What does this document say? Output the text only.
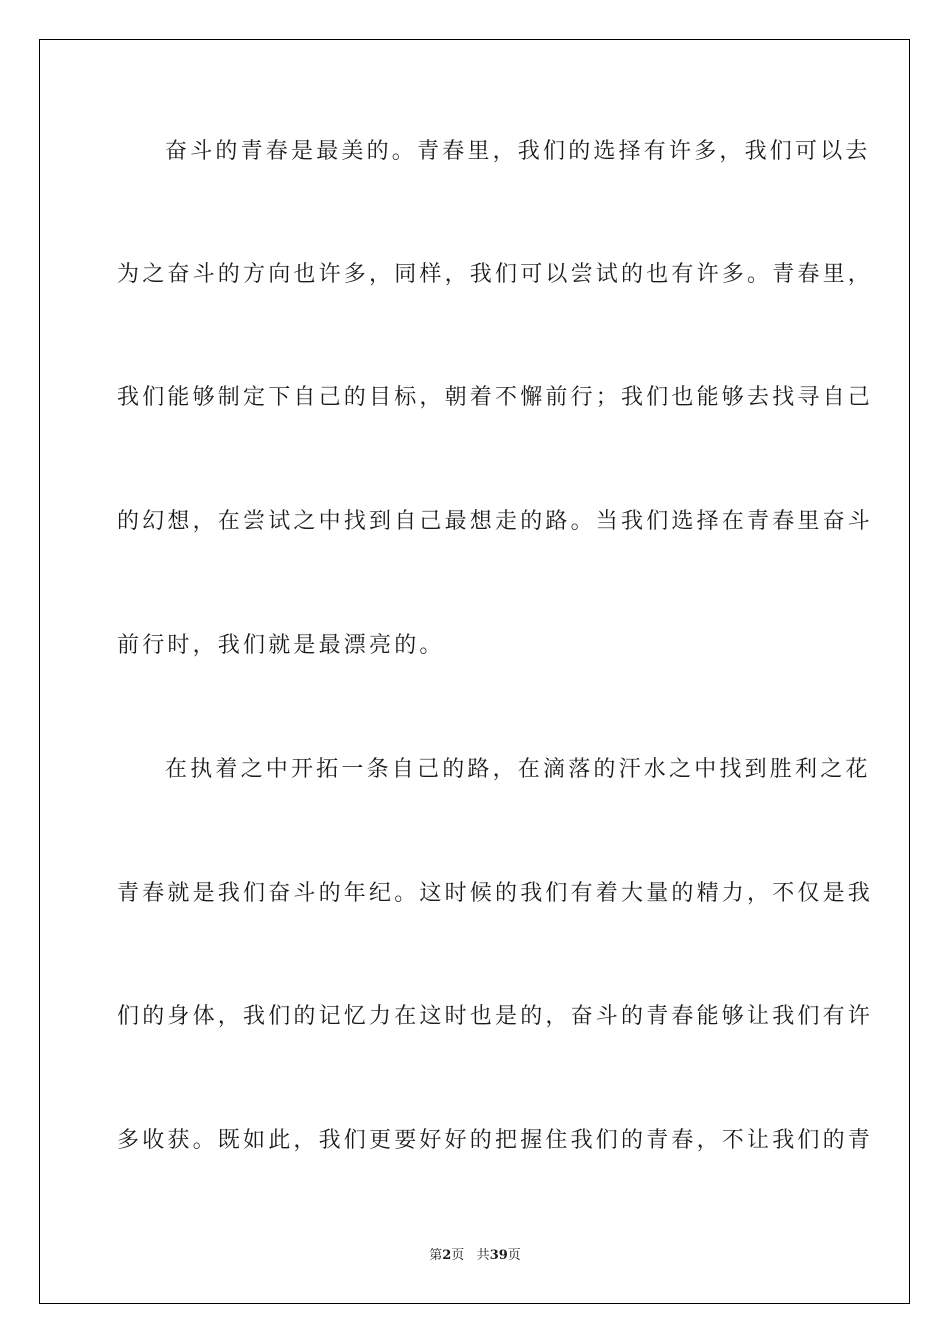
奋斗的青春是最美的。青春里，我们的选择有许多，我们可以去
为之奋斗的方向也许多，同样，我们可以尝试的也有许多。青春里，
我们能够制定下自己的目标，朝着不懈前行；我们也能够去找寻自己
的幻想，在尝试之中找到自己最想走的路。当我们选择在青春里奋斗
前行时，我们就是最漂亮的。
在执着之中开拓一条自己的路，在滴落的汗水之中找到胜利之花
青春就是我们奋斗的年纪。这时候的我们有着大量的精力，不仅是我
们的身体，我们的记忆力在这时也是的，奋斗的青春能够让我们有许
多收获。既如此，我们更要好好的把握住我们的青春，不让我们的青
第2页 共39页
